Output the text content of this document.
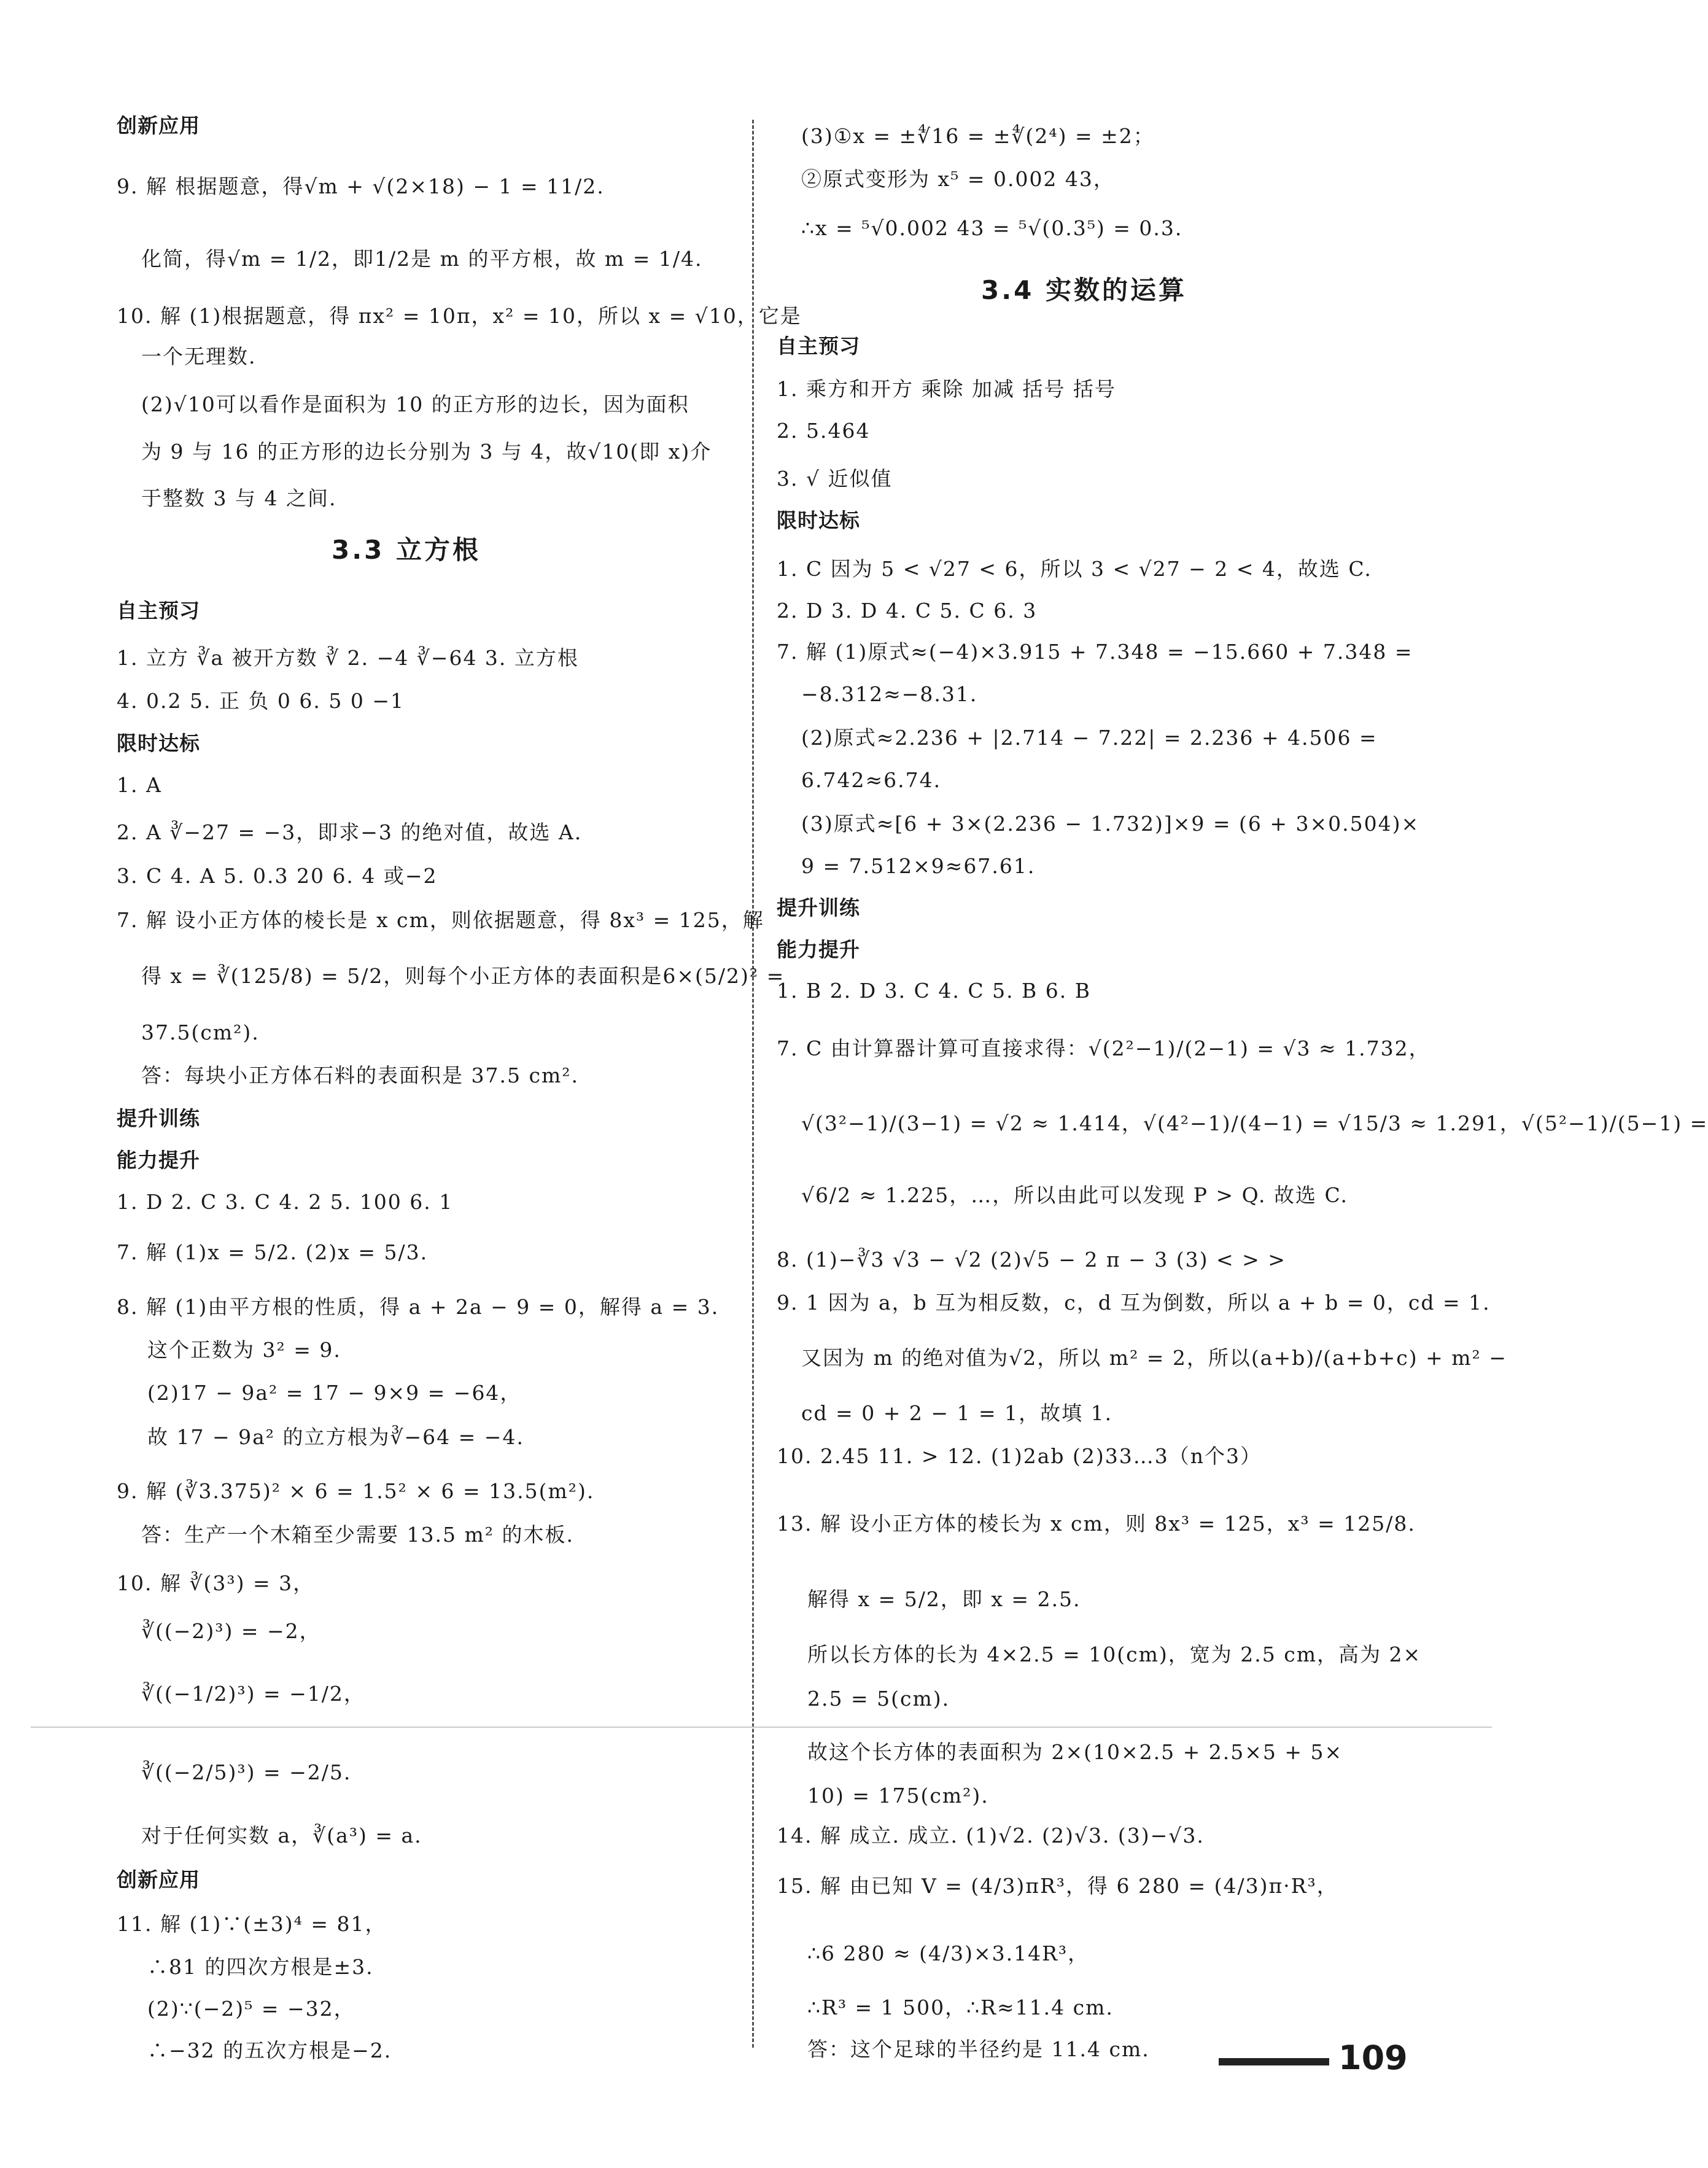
创新应用
9. 解 根据题意，得√m + √(2×18) − 1 = 11/2.
化简，得√m = 1/2，即1/2是 m 的平方根，故 m = 1/4.
10. 解 (1)根据题意，得 πx² = 10π，x² = 10，所以 x = √10，它是
一个无理数.
(2)√10可以看作是面积为 10 的正方形的边长，因为面积
为 9 与 16 的正方形的边长分别为 3 与 4，故√10(即 x)介
于整数 3 与 4 之间.
自主预习
1. 立方 ∛a 被开方数 ∛ 2. −4 ∛−64 3. 立方根
4. 0.2 5. 正 负 0 6. 5 0 −1
限时达标
1. A
2. A ∛−27 = −3，即求−3 的绝对值，故选 A.
3. C 4. A 5. 0.3 20 6. 4 或−2
7. 解 设小正方体的棱长是 x cm，则依据题意，得 8x³ = 125，解
得 x = ∛(125/8) = 5/2，则每个小正方体的表面积是6×(5/2)² =
37.5(cm²).
答：每块小正方体石料的表面积是 37.5 cm².
提升训练
能力提升
1. D 2. C 3. C 4. 2 5. 100 6. 1
7. 解 (1)x = 5/2. (2)x = 5/3.
8. 解 (1)由平方根的性质，得 a + 2a − 9 = 0，解得 a = 3.
这个正数为 3² = 9.
(2)17 − 9a² = 17 − 9×9 = −64，
故 17 − 9a² 的立方根为∛−64 = −4.
9. 解 (∛3.375)² × 6 = 1.5² × 6 = 13.5(m²).
答：生产一个木箱至少需要 13.5 m² 的木板.
10. 解 ∛(3³) = 3，
∛((−2)³) = −2，
∛((−1/2)³) = −1/2，
∛((−2/5)³) = −2/5.
对于任何实数 a，∛(a³) = a.
创新应用
11. 解 (1)∵(±3)⁴ = 81，
∴81 的四次方根是±3.
(2)∵(−2)⁵ = −32，
∴−32 的五次方根是−2.
(3)①x = ±∜16 = ±∜(2⁴) = ±2；
②原式变形为 x⁵ = 0.002 43，
∴x = ⁵√0.002 43 = ⁵√(0.3⁵) = 0.3.
自主预习
1. 乘方和开方 乘除 加减 括号 括号
2. 5.464
3. √ 近似值
限时达标
1. C 因为 5 < √27 < 6，所以 3 < √27 − 2 < 4，故选 C.
2. D 3. D 4. C 5. C 6. 3
7. 解 (1)原式≈(−4)×3.915 + 7.348 = −15.660 + 7.348 =
−8.312≈−8.31.
(2)原式≈2.236 + |2.714 − 7.22| = 2.236 + 4.506 =
6.742≈6.74.
(3)原式≈[6 + 3×(2.236 − 1.732)]×9 = (6 + 3×0.504)×
9 = 7.512×9≈67.61.
提升训练
能力提升
1. B 2. D 3. C 4. C 5. B 6. B
7. C 由计算器计算可直接求得：√(2²−1)/(2−1) = √3 ≈ 1.732，
√(3²−1)/(3−1) = √2 ≈ 1.414，√(4²−1)/(4−1) = √15/3 ≈ 1.291，√(5²−1)/(5−1) =
√6/2 ≈ 1.225，…，所以由此可以发现 P > Q. 故选 C.
8. (1)−∛3 √3 − √2 (2)√5 − 2 π − 3 (3) < > >
9. 1 因为 a，b 互为相反数，c，d 互为倒数，所以 a + b = 0，cd = 1.
又因为 m 的绝对值为√2，所以 m² = 2，所以(a+b)/(a+b+c) + m² −
cd = 0 + 2 − 1 = 1，故填 1.
10. 2.45 11. > 12. (1)2ab (2)33…3（n个3）
13. 解 设小正方体的棱长为 x cm，则 8x³ = 125，x³ = 125/8.
解得 x = 5/2，即 x = 2.5.
所以长方体的长为 4×2.5 = 10(cm)，宽为 2.5 cm，高为 2×
2.5 = 5(cm).
故这个长方体的表面积为 2×(10×2.5 + 2.5×5 + 5×
10) = 175(cm²).
14. 解 成立. 成立. (1)√2. (2)√3. (3)−√3.
15. 解 由已知 V = (4/3)πR³，得 6 280 = (4/3)π·R³，
∴6 280 ≈ (4/3)×3.14R³，
∴R³ = 1 500，∴R≈11.4 cm.
答：这个足球的半径约是 11.4 cm.
3.3 立方根
3.4 实数的运算
109
